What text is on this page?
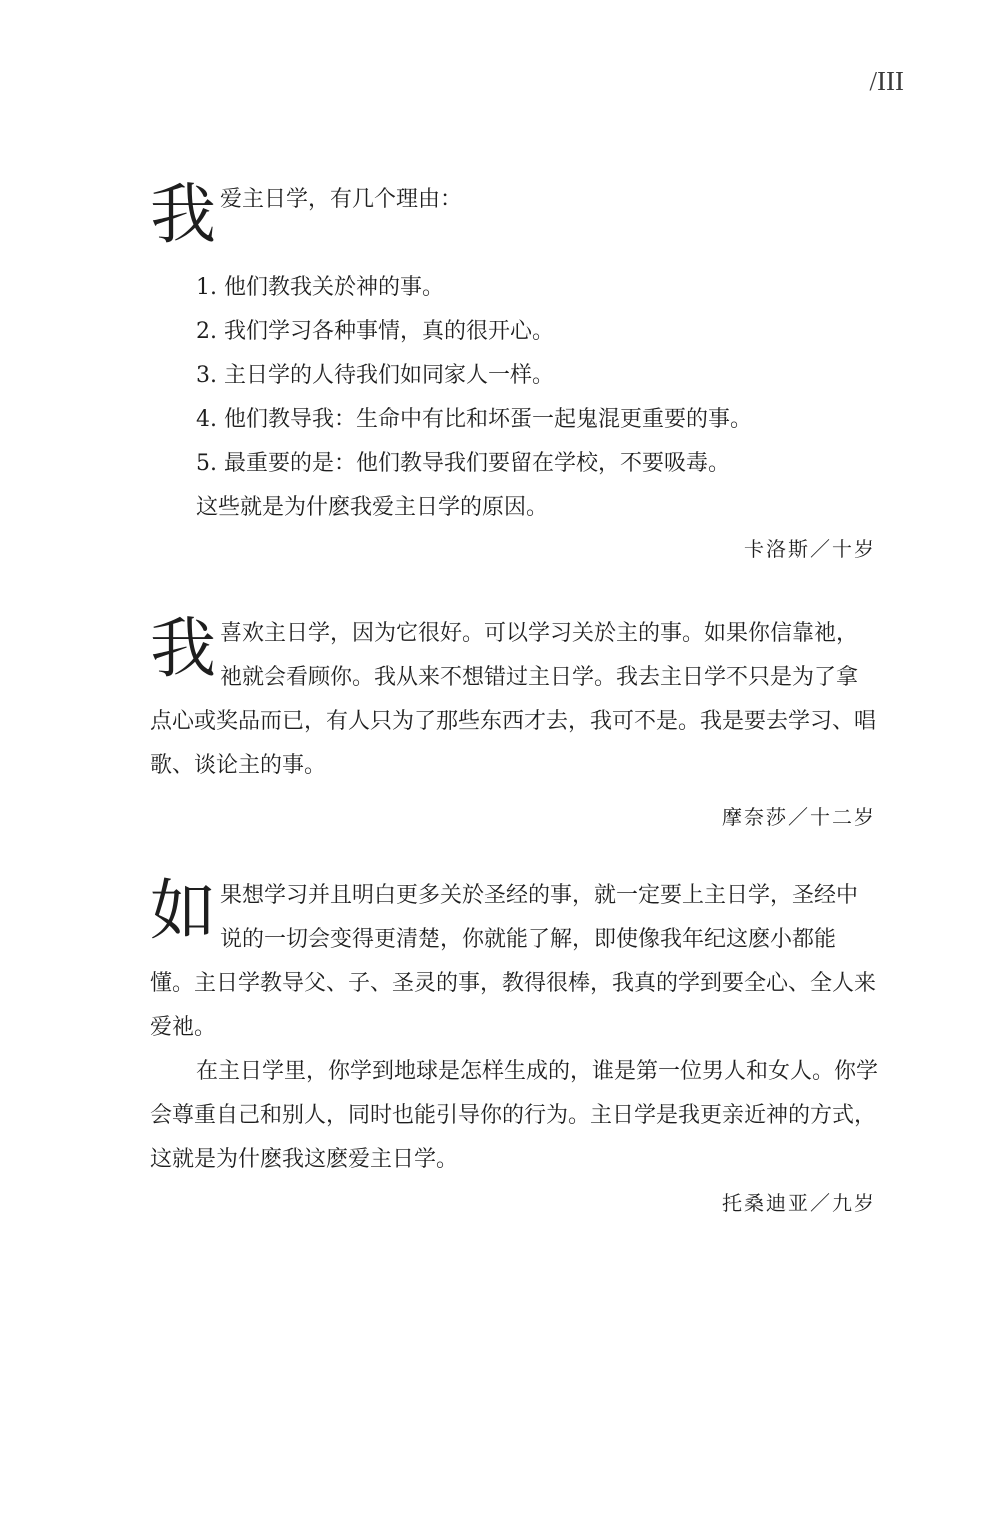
/III

我爱主日学，有几个理由：

1. 他们教我关於神的事。

2. 我们学习各种事情，真的很开心。

3. 主日学的人待我们如同家人一样。

4. 他们教导我：生命中有比和坏蛋一起鬼混更重要的事。

5. 最重要的是：他们教导我们要留在学校，不要吸毒。

这些就是为什麽我爱主日学的原因。

卡洛斯／十岁

我喜欢主日学，因为它很好。可以学习关於主的事。如果你信靠祂，祂就会看顾你。我从来不想错过主日学。我去主日学不只是为了拿点心或奖品而已，有人只为了那些东西才去，我可不是。我是要去学习、唱歌、谈论主的事。

摩奈莎／十二岁

如果想学习并且明白更多关於圣经的事，就一定要上主日学，圣经中说的一切会变得更清楚，你就能了解，即使像我年纪这麽小都能懂。主日学教导父、子、圣灵的事，教得很棒，我真的学到要全心、全人来爱祂。

在主日学里，你学到地球是怎样生成的，谁是第一位男人和女人。你学会尊重自己和别人，同时也能引导你的行为。主日学是我更亲近神的方式，这就是为什麽我这麽爱主日学。

托桑迪亚／九岁
